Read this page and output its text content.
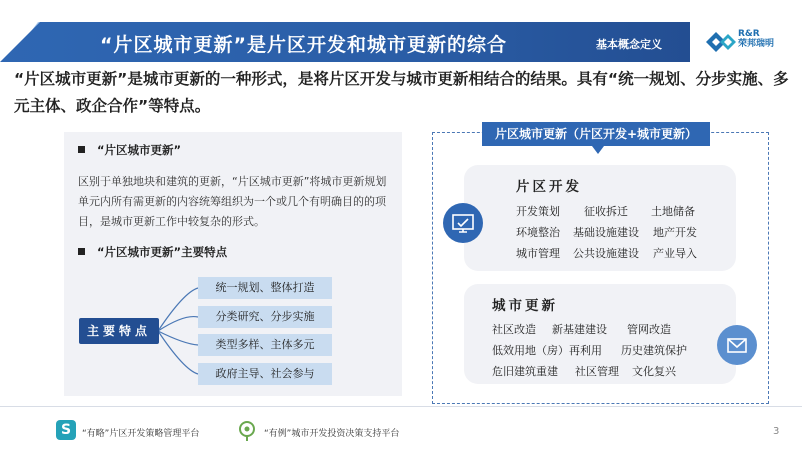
“片区城市更新”是片区开发和城市更新的综合	基本概念定义
R&R
荣邦瑞明
“片区城市更新”是城市更新的一种形式，是将片区开发与城市更新相结合的结果。具有“统一规划、分步实施、多元主体、政企合作”等特点。
“片区城市更新”
区别于单独地块和建筑的更新，“片区城市更新”将城市更新规划单元内所有需更新的内容统筹组织为一个或几个有明确目的的项目，是城市更新工作中较复杂的形式。
“片区城市更新”主要特点
主要特点
统一规划、整体打造
分类研究、分步实施
类型多样、主体多元
政府主导、社会参与
片区城市更新（片区开发+城市更新）
片区开发
开发策划 征收拆迁 土地储备
环境整治 基础设施建设 地产开发
城市管理 公共设施建设 产业导入
城市更新
社区改造 新基建建设 管网改造
低效用地（房）再利用 历史建筑保护
危旧建筑重建 社区管理 文化复兴
S	“有略”片区开发策略管理平台	“有例”城市开发投资决策支持平台	3
